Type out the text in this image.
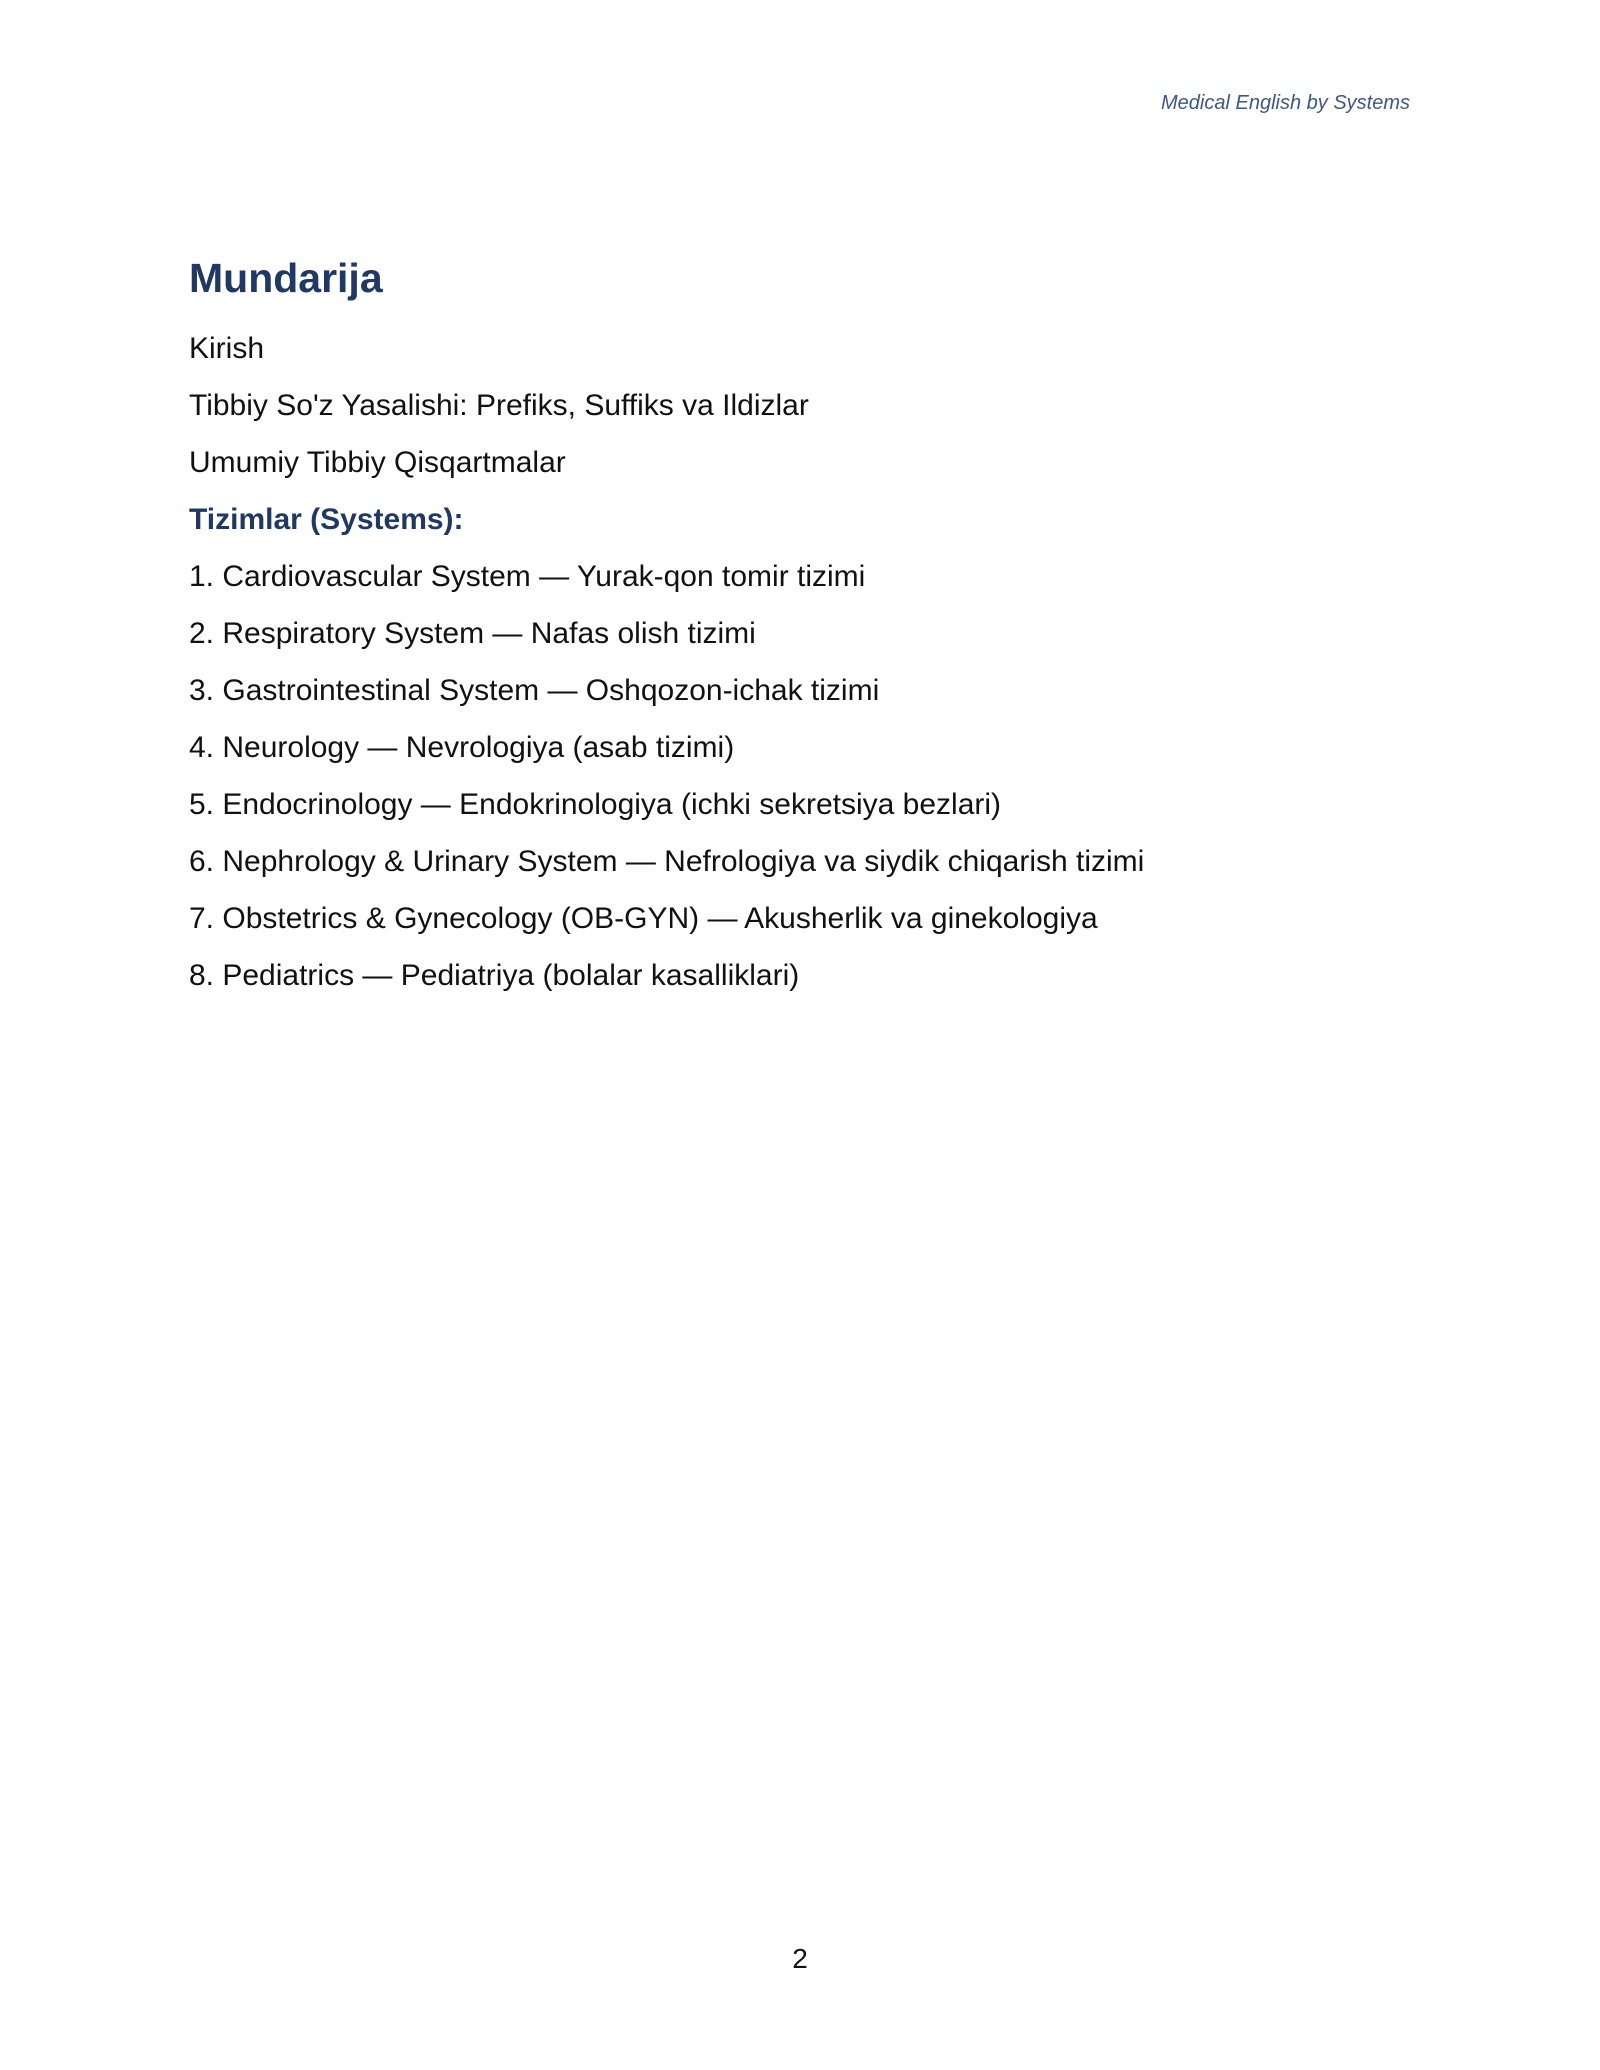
Medical English by Systems
Mundarija
Kirish
Tibbiy So'z Yasalishi: Prefiks, Suffiks va Ildizlar
Umumiy Tibbiy Qisqartmalar
Tizimlar (Systems):
1. Cardiovascular System — Yurak-qon tomir tizimi
2. Respiratory System — Nafas olish tizimi
3. Gastrointestinal System — Oshqozon-ichak tizimi
4. Neurology — Nevrologiya (asab tizimi)
5. Endocrinology — Endokrinologiya (ichki sekretsiya bezlari)
6. Nephrology & Urinary System — Nefrologiya va siydik chiqarish tizimi
7. Obstetrics & Gynecology (OB-GYN) — Akusherlik va ginekologiya
8. Pediatrics — Pediatriya (bolalar kasalliklari)
2
